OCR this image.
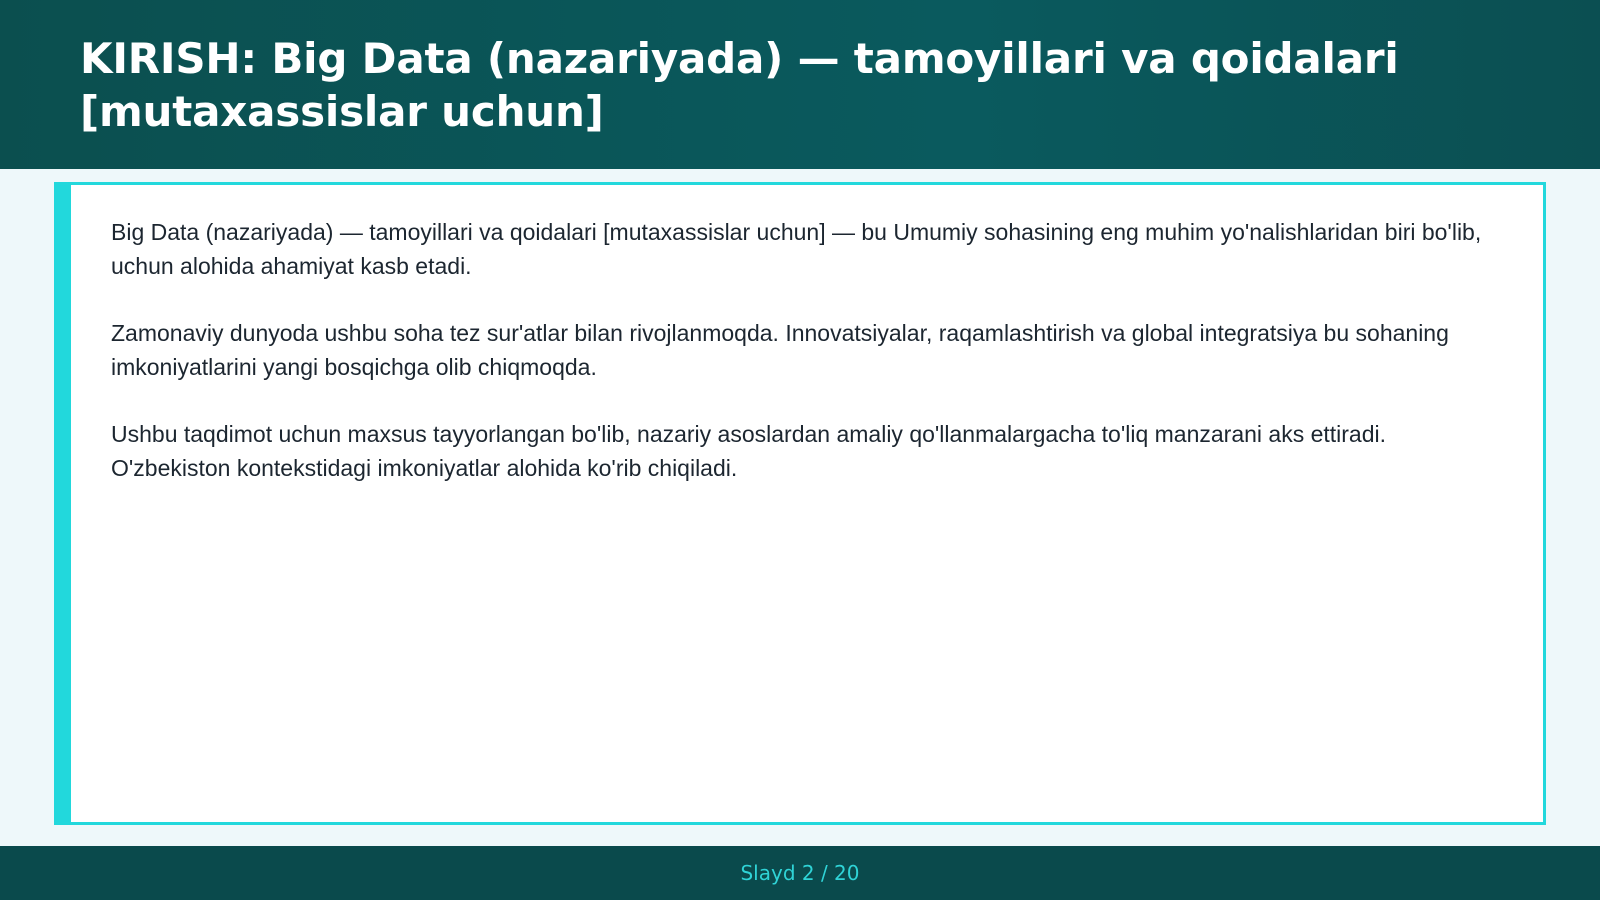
KIRISH: Big Data (nazariyada) — tamoyillari va qoidalari [mutaxassislar uchun]

Big Data (nazariyada) — tamoyillari va qoidalari [mutaxassislar uchun] — bu Umumiy sohasining eng muhim yo'nalishlaridan biri bo'lib, uchun alohida ahamiyat kasb etadi.

Zamonaviy dunyoda ushbu soha tez sur'atlar bilan rivojlanmoqda. Innovatsiyalar, raqamlashtirish va global integratsiya bu sohaning imkoniyatlarini yangi bosqichga olib chiqmoqda.

Ushbu taqdimot uchun maxsus tayyorlangan bo'lib, nazariy asoslardan amaliy qo'llanmalargacha to'liq manzarani aks ettiradi. O'zbekiston kontekstidagi imkoniyatlar alohida ko'rib chiqiladi.

Slayd 2 / 20
